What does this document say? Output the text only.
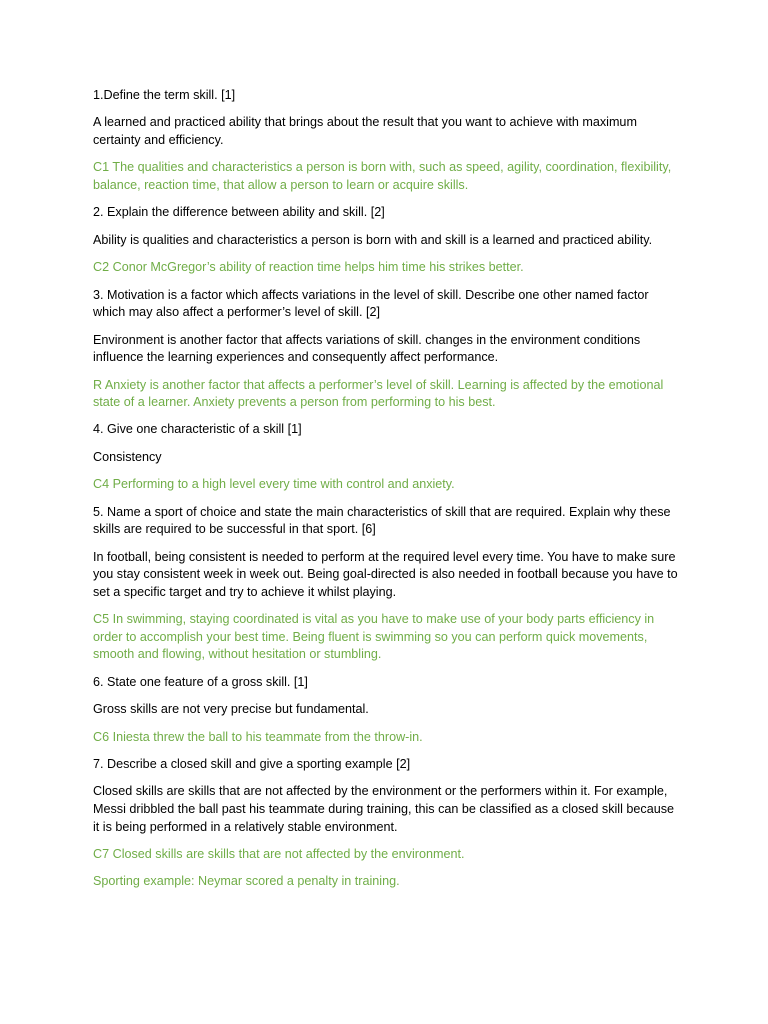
1.Define the term skill. [1]

A learned and practiced ability that brings about the result that you want to achieve with maximum certainty and efficiency.

C1 The qualities and characteristics a person is born with, such as speed, agility, coordination, flexibility, balance, reaction time, that allow a person to learn or acquire skills.

2. Explain the difference between ability and skill. [2]

Ability is qualities and characteristics a person is born with and skill is a learned and practiced ability.

C2 Conor McGregor’s ability of reaction time helps him time his strikes better.

3. Motivation is a factor which affects variations in the level of skill. Describe one other named factor which may also affect a performer’s level of skill. [2]

Environment is another factor that affects variations of skill. changes in the environment conditions influence the learning experiences and consequently affect performance.

R Anxiety is another factor that affects a performer’s level of skill. Learning is affected by the emotional state of a learner. Anxiety prevents a person from performing to his best.

4. Give one characteristic of a skill [1]

Consistency

C4 Performing to a high level every time with control and anxiety.

5. Name a sport of choice and state the main characteristics of skill that are required. Explain why these skills are required to be successful in that sport. [6]

In football, being consistent is needed to perform at the required level every time. You have to make sure you stay consistent week in week out. Being goal-directed is also needed in football because you have to set a specific target and try to achieve it whilst playing.

C5 In swimming, staying coordinated is vital as you have to make use of your body parts efficiency in order to accomplish your best time. Being fluent is swimming so you can perform quick movements, smooth and flowing, without hesitation or stumbling.

6. State one feature of a gross skill. [1]

Gross skills are not very precise but fundamental.

C6 Iniesta threw the ball to his teammate from the throw-in.

7. Describe a closed skill and give a sporting example [2]

Closed skills are skills that are not affected by the environment or the performers within it. For example, Messi dribbled the ball past his teammate during training, this can be classified as a closed skill because it is being performed in a relatively stable environment.

C7 Closed skills are skills that are not affected by the environment.

Sporting example: Neymar scored a penalty in training.
